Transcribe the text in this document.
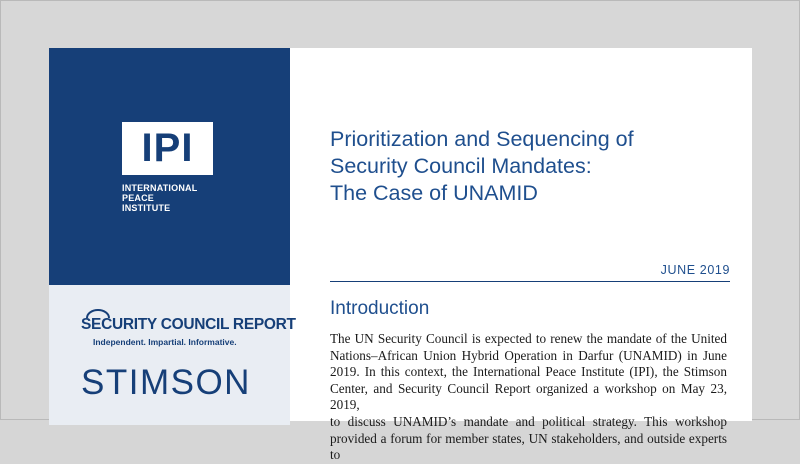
IPI
INTERNATIONAL
PEACE
INSTITUTE
SECURITY COUNCIL REPORT
Independent. Impartial. Informative.
STIMSON
Prioritization and Sequencing of
Security Council Mandates:
The Case of UNAMID
JUNE 2019
Introduction
The UN Security Council is expected to renew the mandate of the United
Nations–African Union Hybrid Operation in Darfur (UNAMID) in June
2019. In this context, the International Peace Institute (IPI), the Stimson
Center, and Security Council Report organized a workshop on May 23, 2019,
to discuss UNAMID’s mandate and political strategy. This workshop
provided a forum for member states, UN stakeholders, and outside experts to
